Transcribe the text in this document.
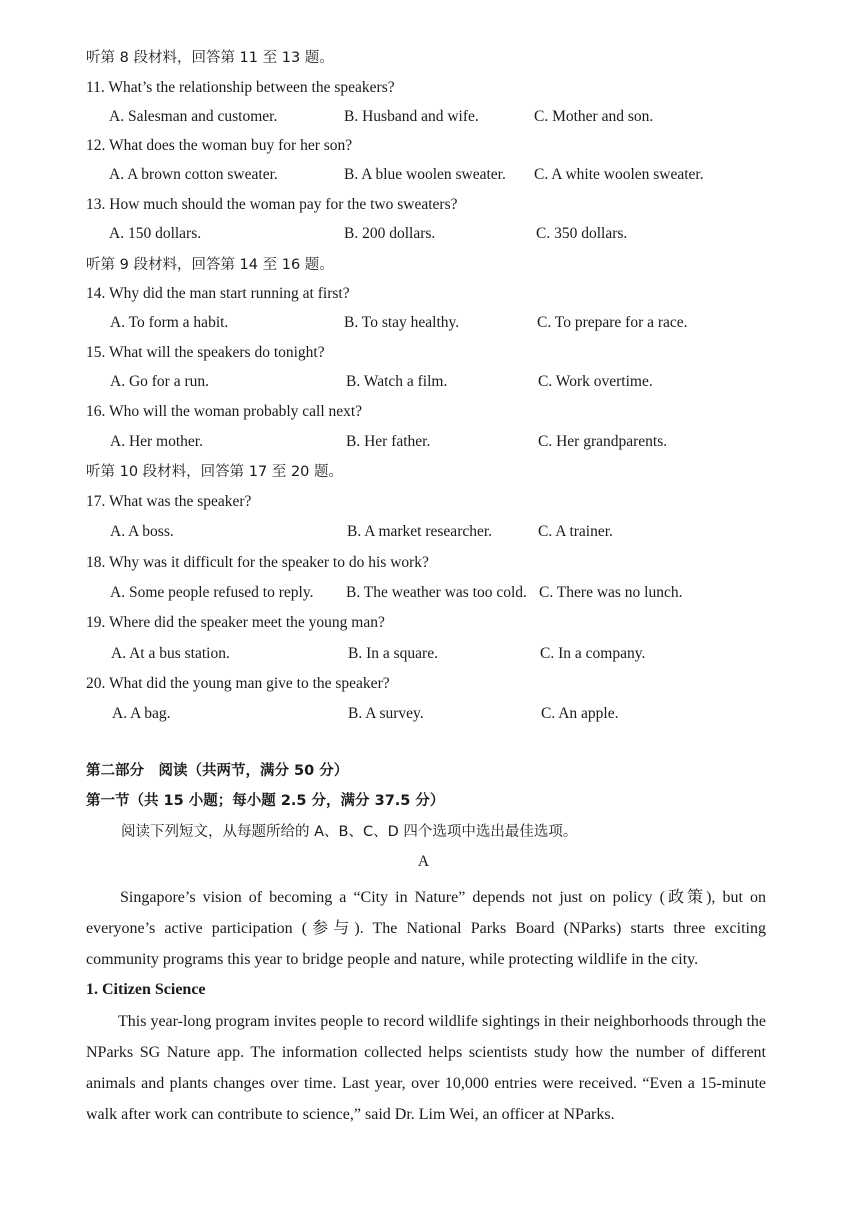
听第 8 段材料，回答第 11 至 13 题。
11. What’s the relationship between the speakers?
A. Salesman and customer.	B. Husband and wife.	C. Mother and son.
12. What does the woman buy for her son?
A. A brown cotton sweater.	B. A blue woolen sweater. C. A white woolen sweater.
13. How much should the woman pay for the two sweaters?
A. 150 dollars.	B. 200 dollars.	C. 350 dollars.
听第 9 段材料，回答第 14 至 16 题。
14. Why did the man start running at first?
A. To form a habit.	B. To stay healthy.	C. To prepare for a race.
15. What will the speakers do tonight?
A. Go for a run.	B. Watch a film.	C. Work overtime.
16. Who will the woman probably call next?
A. Her mother.	B. Her father.	C. Her grandparents.
听第 10 段材料，回答第 17 至 20 题。
17. What was the speaker?
A. A boss.	B. A market researcher.	C. A trainer.
18. Why was it difficult for the speaker to do his work?
A. Some people refused to reply. B. The weather was too cold. C. There was no lunch.
19. Where did the speaker meet the young man?
A. At a bus station.	B. In a square.	C. In a company.
20. What did the young man give to the speaker?
A. A bag.	B. A survey.	C. An apple.
第二部分　阅读（共两节，满分 50 分）
第一节（共 15 小题；每小题 2.5 分，满分 37.5 分）
阅读下列短文，从每题所给的 A、B、C、D 四个选项中选出最佳选项。
A
Singapore’s vision of becoming a “City in Nature” depends not just on policy (政策), but on everyone’s active participation (参与). The National Parks Board (NParks) starts three exciting community programs this year to bridge people and nature, while protecting wildlife in the city.
1. Citizen Science
This year-long program invites people to record wildlife sightings in their neighborhoods through the NParks SG Nature app. The information collected helps scientists study how the number of different animals and plants changes over time. Last year, over 10,000 entries were received. “Even a 15-minute walk after work can contribute to science,” said Dr. Lim Wei, an officer at NParks.
